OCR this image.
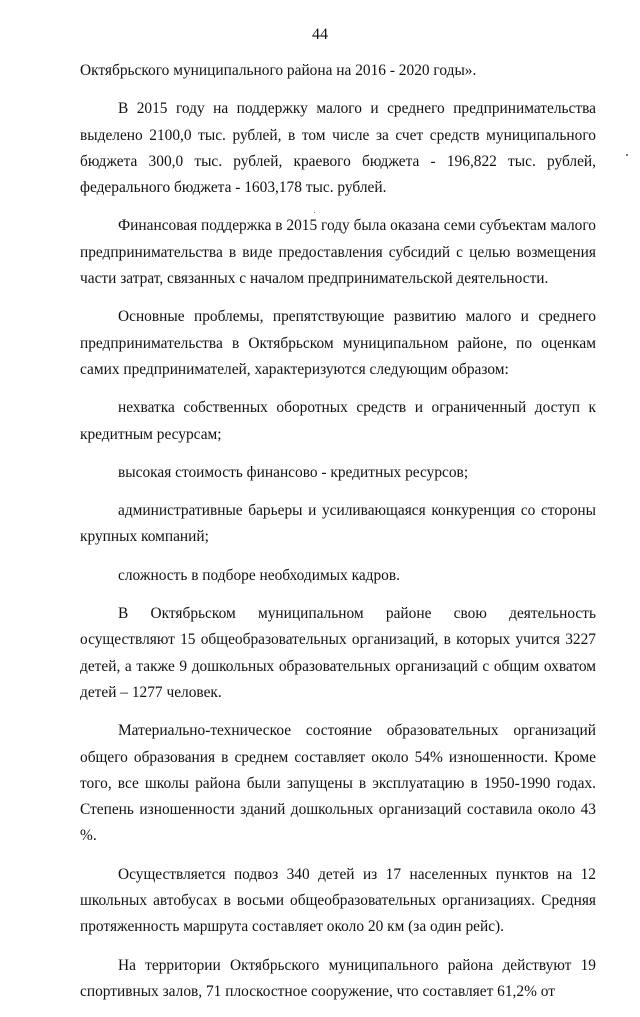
44

Октябрьского муниципального района на 2016 - 2020 годы».

В 2015 году на поддержку малого и среднего предпринимательства выделено 2100,0 тыс. рублей, в том числе за счет средств муниципального бюджета 300,0 тыс. рублей, краевого бюджета - 196,822 тыс. рублей, федерального бюджета - 1603,178 тыс. рублей.

Финансовая поддержка в 2015 году была оказана семи субъектам малого предпринимательства в виде предоставления субсидий с целью возмещения части затрат, связанных с началом предпринимательской деятельности.

Основные проблемы, препятствующие развитию малого и среднего предпринимательства в Октябрьском муниципальном районе, по оценкам самих предпринимателей, характеризуются следующим образом:

нехватка собственных оборотных средств и ограниченный доступ к кредитным ресурсам;

высокая стоимость финансово - кредитных ресурсов;

административные барьеры и усиливающаяся конкуренция со стороны крупных компаний;

сложность в подборе необходимых кадров.

В Октябрьском муниципальном районе свою деятельность осуществляют 15 общеобразовательных организаций, в которых учится 3227 детей, а также 9 дошкольных образовательных организаций с общим охватом детей – 1277 человек.

Материально-техническое состояние образовательных организаций общего образования в среднем составляет около 54% изношенности. Кроме того, все школы района были запущены в эксплуатацию в 1950-1990 годах. Степень изношенности зданий дошкольных организаций составила около 43 %.

Осуществляется подвоз 340 детей из 17 населенных пунктов на 12 школьных автобусах в восьми общеобразовательных организациях. Средняя протяженность маршрута составляет около 20 км (за один рейс).

На территории Октябрьского муниципального района действуют 19 спортивных залов, 71 плоскостное сооружение, что составляет 61,2% от
